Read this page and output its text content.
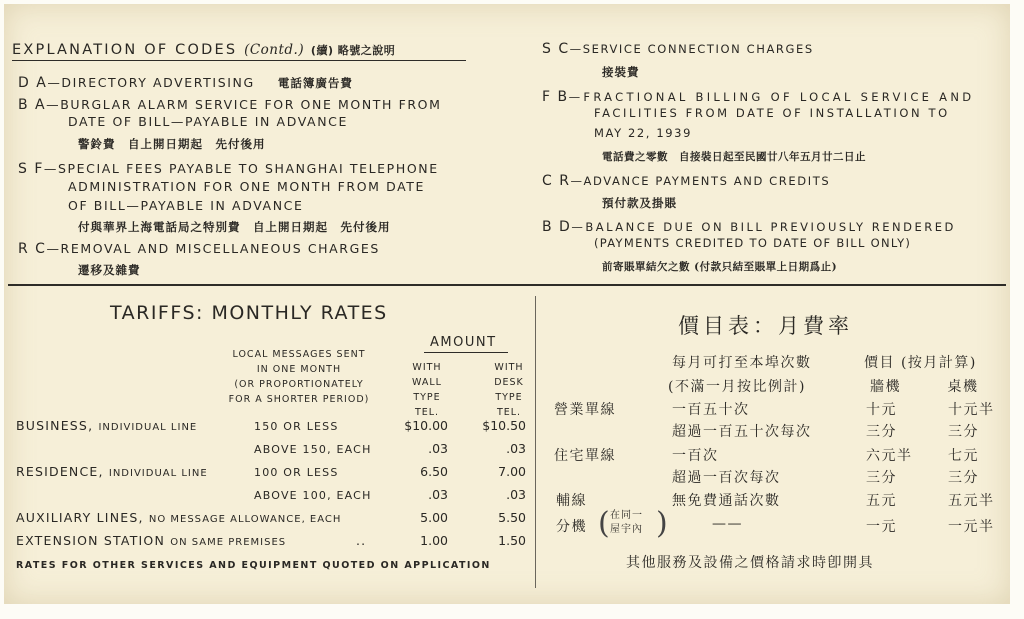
EXPLANATION OF CODES (Contd.) (續) 略號之說明
D A—DIRECTORY ADVERTISING 電話簿廣告費
B A—BURGLAR ALARM SERVICE FOR ONE MONTH FROM
DATE OF BILL—PAYABLE IN ADVANCE
警鈴費　自上開日期起　先付後用
S F—SPECIAL FEES PAYABLE TO SHANGHAI TELEPHONE
ADMINISTRATION FOR ONE MONTH FROM DATE
OF BILL—PAYABLE IN ADVANCE
付與華界上海電話局之特別費　自上開日期起　先付後用
R C—REMOVAL AND MISCELLANEOUS CHARGES
遷移及雜費
S C—SERVICE CONNECTION CHARGES
接裝費
F B—FRACTIONAL BILLING OF LOCAL SERVICE AND
FACILITIES FROM DATE OF INSTALLATION TO
MAY 22, 1939
電話費之零數　自接裝日起至民國廿八年五月廿二日止
C R—ADVANCE PAYMENTS AND CREDITS
預付款及掛賬
B D—BALANCE DUE ON BILL PREVIOUSLY RENDERED
(PAYMENTS CREDITED TO DATE OF BILL ONLY)
前寄賬單結欠之數 (付款只結至賬單上日期爲止)
TARIFFS: MONTHLY RATES
AMOUNT
LOCAL MESSAGES SENT
IN ONE MONTH
(OR PROPORTIONATELY
FOR A SHORTER PERIOD)
WITH
WALL
TYPE
TEL.
WITH
DESK
TYPE
TEL.
BUSINESS, INDIVIDUAL LINE	150 OR LESS	$10.00	$10.50
ABOVE 150, EACH	.03	.03
RESIDENCE, INDIVIDUAL LINE	100 OR LESS	6.50	7.00
ABOVE 100, EACH	.03	.03
AUXILIARY LINES, NO MESSAGE ALLOWANCE, EACH	5.00	5.50
EXTENSION STATION ON SAME PREMISES	..	1.00	1.50
RATES FOR OTHER SERVICES AND EQUIPMENT QUOTED ON APPLICATION
價目表：月費率
每月可打至本埠次數
(不滿一月按比例計)
價目 (按月計算)
牆機　　　桌機
營業單線	一百五十次	十元	十元半
超過一百五十次每次	三分	三分
住宅單線	一百次	六元半	七元
超過一百次每次	三分	三分
輔線	無免費通話次數	五元	五元半
分機 ( 在同一
屋宇內 )	——	一元	一元半
其他服務及設備之價格請求時卽開具
